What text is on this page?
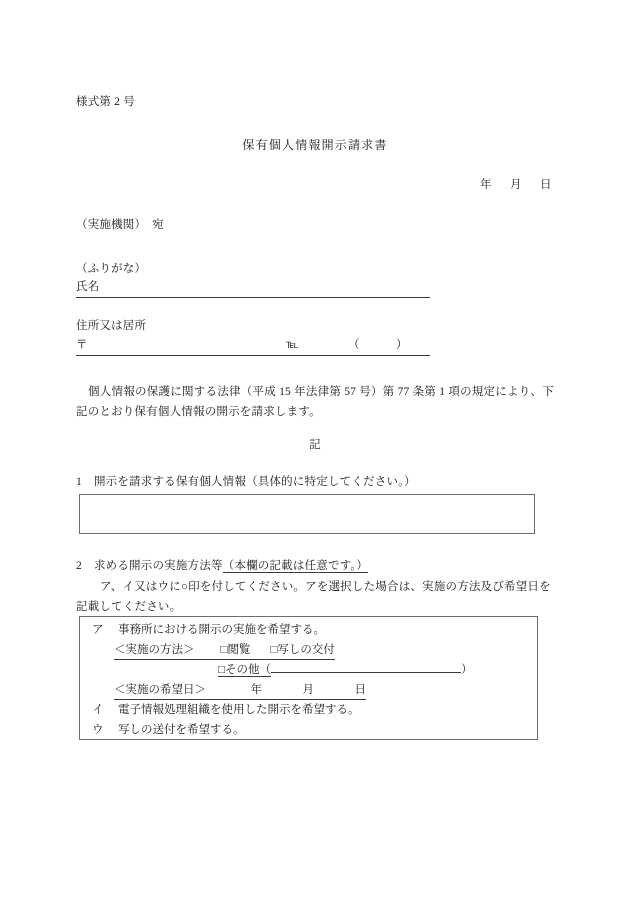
様式第 2 号
保有個人情報開示請求書
年 月 日
（実施機関）　宛
（ふりがな）
氏名
住所又は居所
〒	℡	（	）
個人情報の保護に関する法律（平成 15 年法律第 57 号）第 77 条第 1 項の規定により、下記のとおり保有個人情報の開示を請求します。
記
1 開示を請求する保有個人情報（具体的に特定してください。）
2 求める開示の実施方法等（本欄の記載は任意です。）
ア、イ又はウに○印を付してください。アを選択した場合は、実施の方法及び希望日を記載してください。
ア 事務所における開示の実施を希望する。
＜実施の方法＞ □閲覧 □写しの交付
□その他（	）
＜実施の希望日＞	年	月	日
イ 電子情報処理組織を使用した開示を希望する。
ウ 写しの送付を希望する。
